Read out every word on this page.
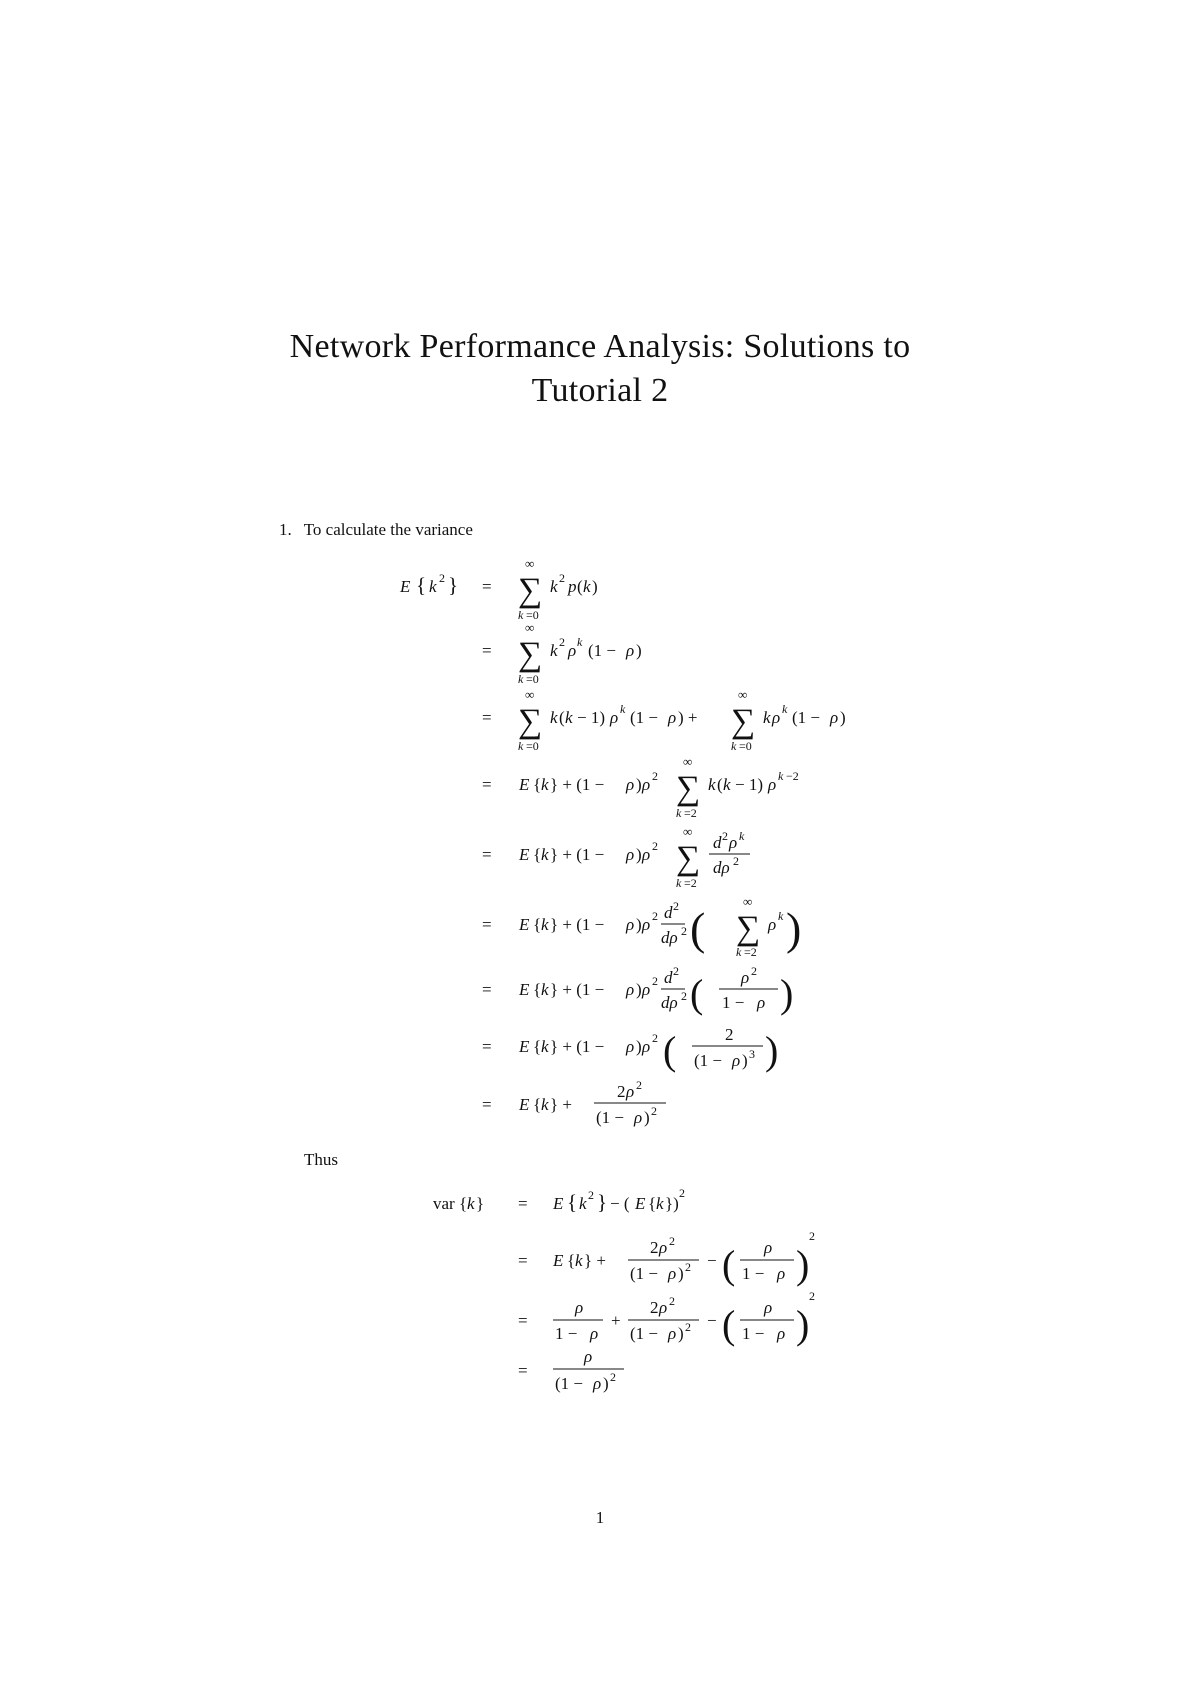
Network Performance Analysis: Solutions to
Tutorial 2
1. To calculate the variance
Thus
E { k 2 } =
∞
∑
k =0
k 2 p ( k )
=
∞
∑
k =0
k 2 ρ k (1 − ρ )
=
∞
∑
k =0
k ( k − 1) ρ k (1 − ρ ) +
∞
∑
k =0
k ρ k (1 − ρ )
= E { k } + (1 − ρ ) ρ 2
∞
∑
k =2
k ( k − 1) ρ k −2
= E { k } + (1 − ρ ) ρ 2
∞
∑
k =2
d 2 ρ k
dρ 2
= E { k } + (1 − ρ ) ρ 2 d 2
dρ 2 (
∞
∑
k =2
ρ k )
= E { k } + (1 − ρ ) ρ 2 d 2
dρ 2 ( ρ 2
1 − ρ )
= E { k } + (1 − ρ ) ρ 2 (	2
(1 − ρ ) 3 )
= E { k } +
2 ρ 2
(1 − ρ ) 2
var { k } = E { k 2 } − ( E { k })
2
= E { k } +
2 ρ 2
(1 − ρ ) 2 − ( ρ
1 − ρ )
2
=
ρ
1 − ρ
+
2 ρ 2
(1 − ρ ) 2 − ( ρ
1 − ρ )
2
=
ρ
(1 − ρ ) 2
1
